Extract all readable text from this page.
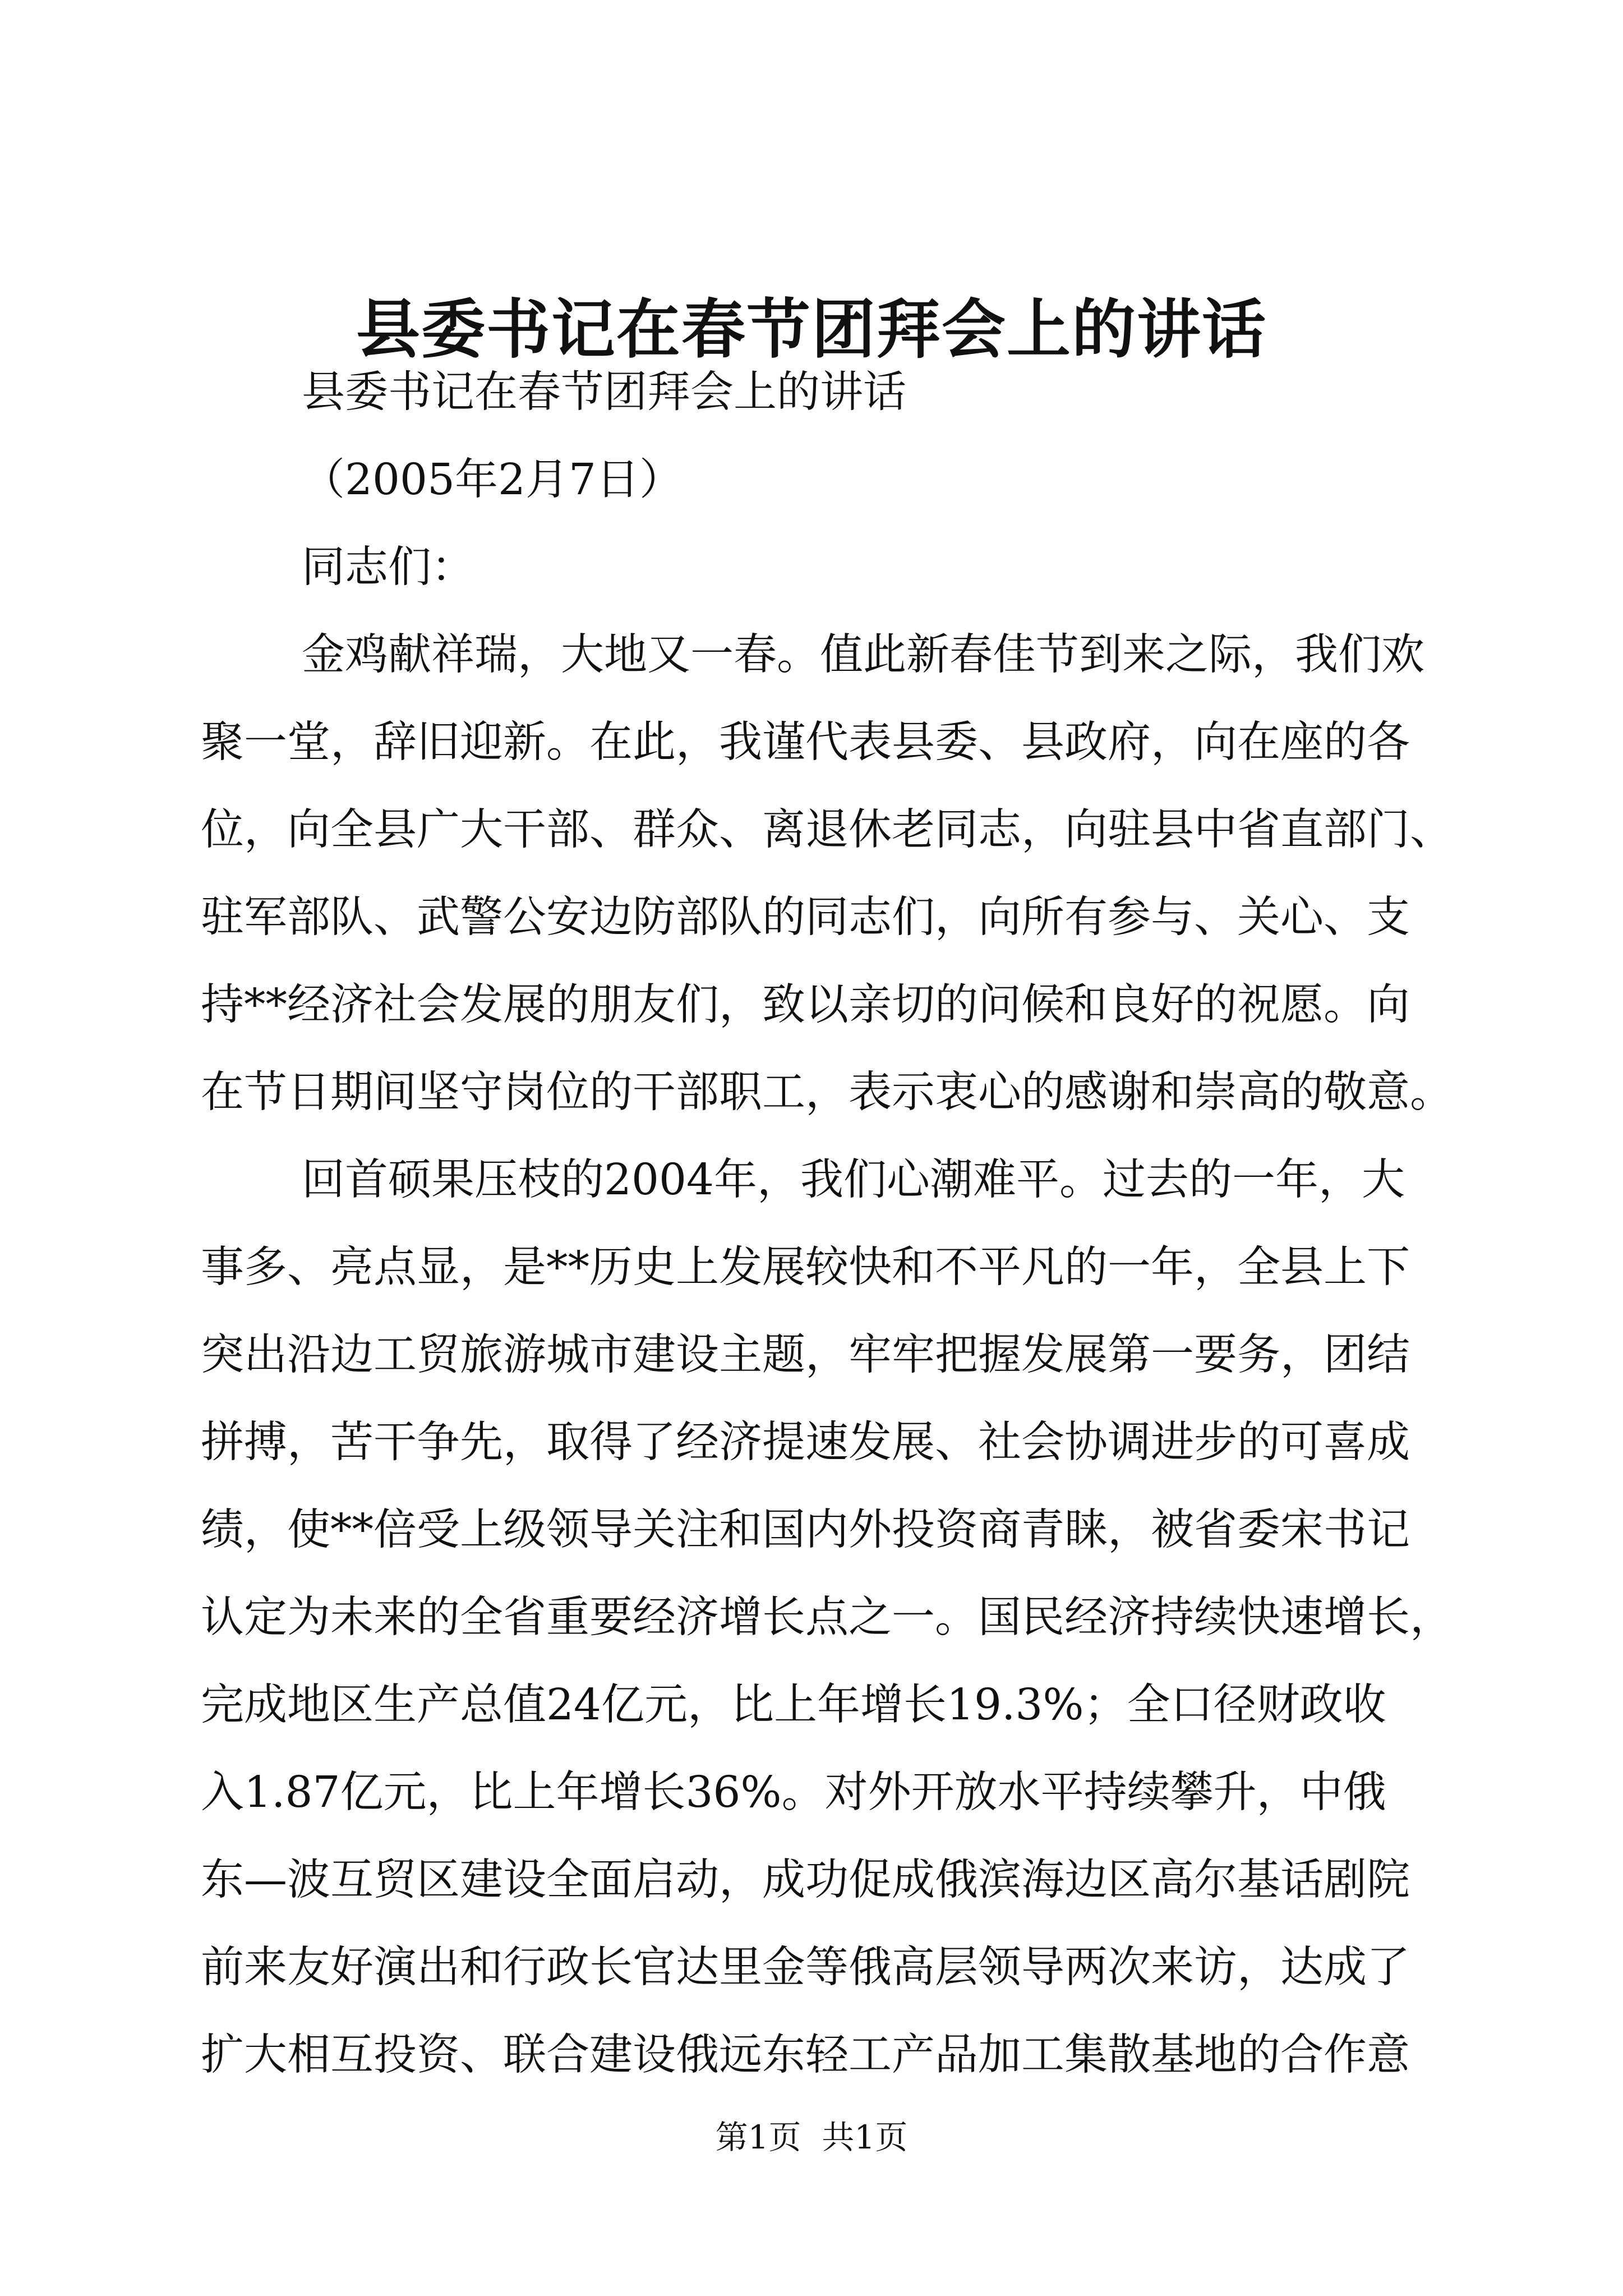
县委书记在春节团拜会上的讲话

县委书记在春节团拜会上的讲话

（2005年2月7日）

同志们：

金鸡献祥瑞，大地又一春。值此新春佳节到来之际，我们欢

聚一堂，辞旧迎新。在此，我谨代表县委、县政府，向在座的各

位，向全县广大干部、群众、离退休老同志，向驻县中省直部门、

驻军部队、武警公安边防部队的同志们，向所有参与、关心、支

持**经济社会发展的朋友们，致以亲切的问候和良好的祝愿。向

在节日期间坚守岗位的干部职工，表示衷心的感谢和崇高的敬意。

回首硕果压枝的2004年，我们心潮难平。过去的一年，大

事多、亮点显，是**历史上发展较快和不平凡的一年，全县上下

突出沿边工贸旅游城市建设主题，牢牢把握发展第一要务，团结

拼搏，苦干争先，取得了经济提速发展、社会协调进步的可喜成

绩，使**倍受上级领导关注和国内外投资商青睐，被省委宋书记

认定为未来的全省重要经济增长点之一。国民经济持续快速增长，

完成地区生产总值24亿元，比上年增长19.3%；全口径财政收

入1.87亿元，比上年增长36%。对外开放水平持续攀升，中俄

东—波互贸区建设全面启动，成功促成俄滨海边区高尔基话剧院

前来友好演出和行政长官达里金等俄高层领导两次来访，达成了

扩大相互投资、联合建设俄远东轻工产品加工集散基地的合作意

第1页  共1页
